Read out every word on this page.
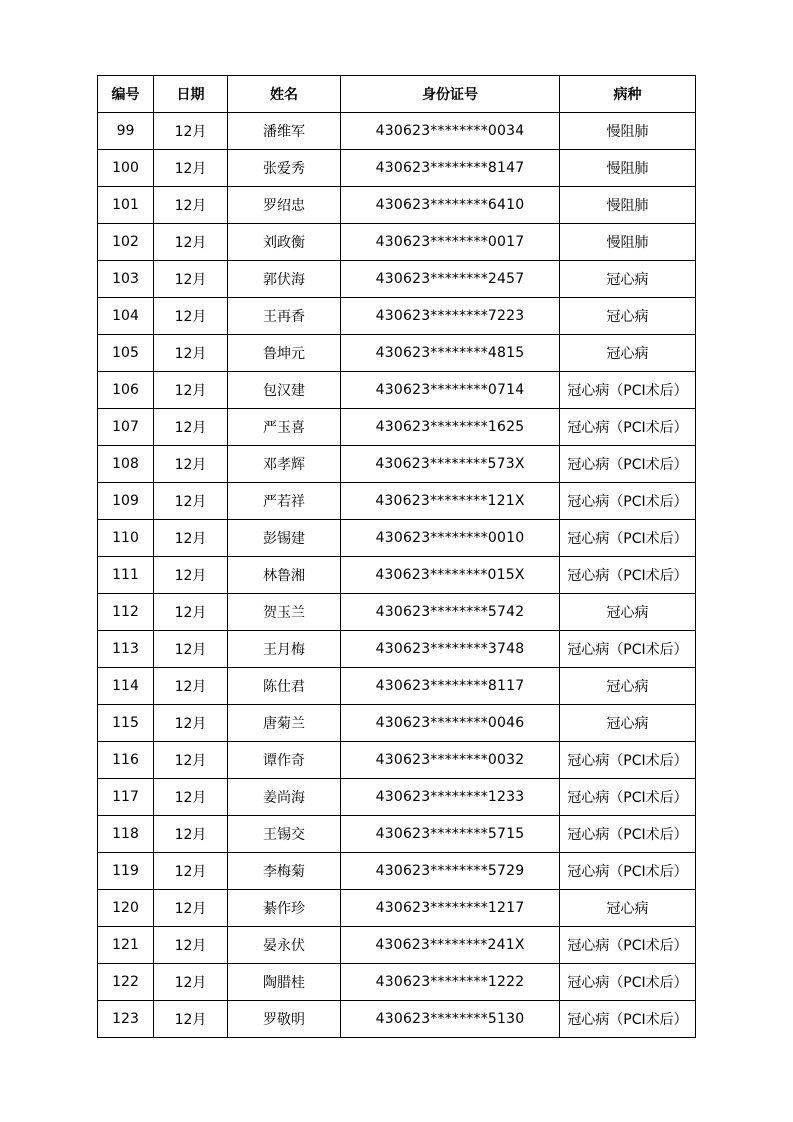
编号	日期	姓名	身份证号	病种
99	12月	潘维军	430623********0034	慢阻肺
100	12月	张爱秀	430623********8147	慢阻肺
101	12月	罗绍忠	430623********6410	慢阻肺
102	12月	刘政衡	430623********0017	慢阻肺
103	12月	郭伏海	430623********2457	冠心病
104	12月	王再香	430623********7223	冠心病
105	12月	鲁坤元	430623********4815	冠心病
106	12月	包汉建	430623********0714	冠心病（PCI术后）
107	12月	严玉喜	430623********1625	冠心病（PCI术后）
108	12月	邓孝辉	430623********573X	冠心病（PCI术后）
109	12月	严若祥	430623********121X	冠心病（PCI术后）
110	12月	彭锡建	430623********0010	冠心病（PCI术后）
111	12月	林鲁湘	430623********015X	冠心病（PCI术后）
112	12月	贺玉兰	430623********5742	冠心病
113	12月	王月梅	430623********3748	冠心病（PCI术后）
114	12月	陈仕君	430623********8117	冠心病
115	12月	唐菊兰	430623********0046	冠心病
116	12月	谭作奇	430623********0032	冠心病（PCI术后）
117	12月	姜尚海	430623********1233	冠心病（PCI术后）
118	12月	王锡交	430623********5715	冠心病（PCI术后）
119	12月	李梅菊	430623********5729	冠心病（PCI术后）
120	12月	綦作珍	430623********1217	冠心病
121	12月	晏永伏	430623********241X	冠心病（PCI术后）
122	12月	陶腊桂	430623********1222	冠心病（PCI术后）
123	12月	罗敬明	430623********5130	冠心病（PCI术后）
